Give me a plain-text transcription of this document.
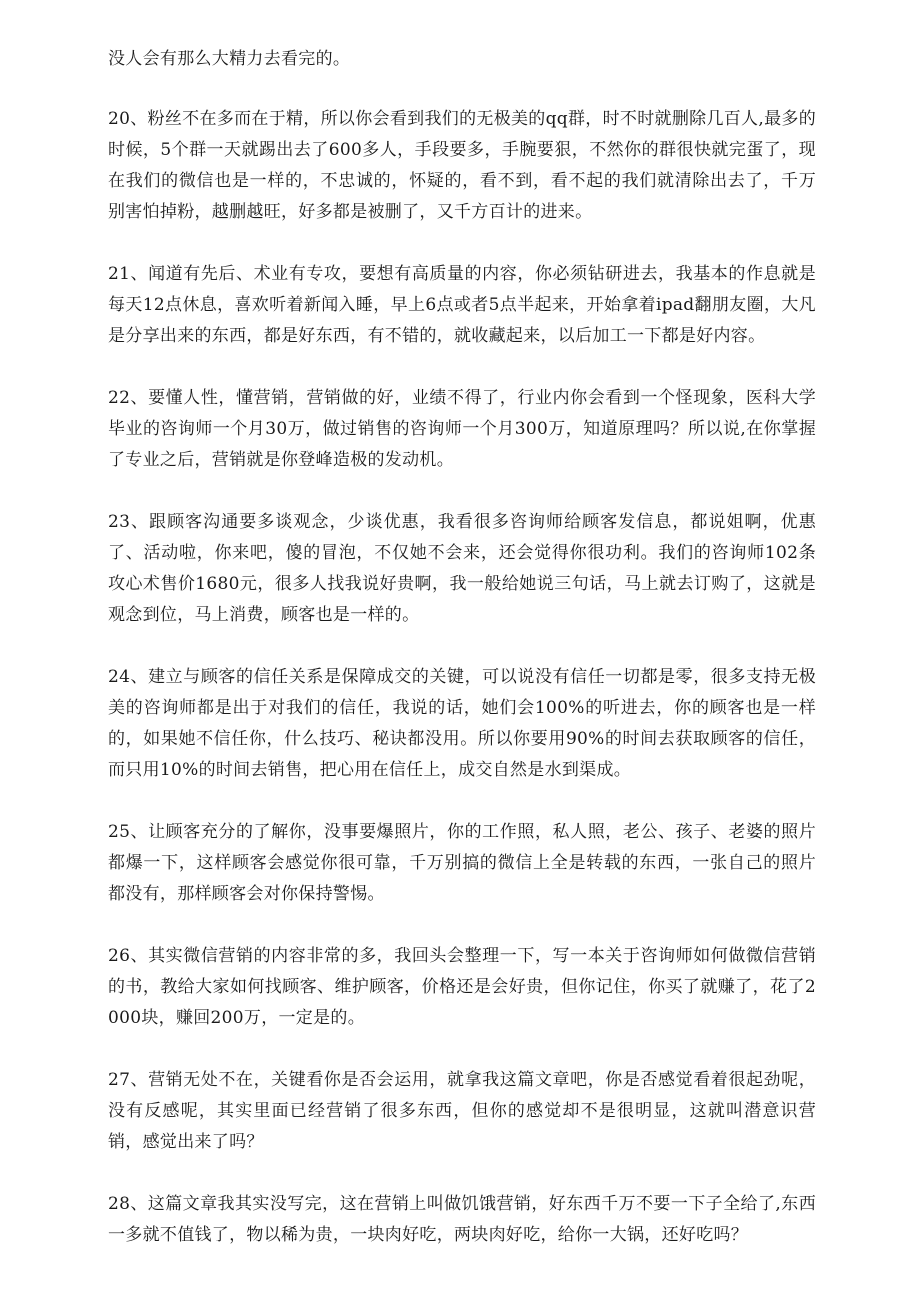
没人会有那么大精力去看完的。

20、粉丝不在多而在于精，所以你会看到我们的无极美的qq群，时不时就删除几百人,最多的时候，5个群一天就踢出去了600多人，手段要多，手腕要狠，不然你的群很快就完蛋了，现在我们的微信也是一样的，不忠诚的，怀疑的，看不到，看不起的我们就清除出去了，千万别害怕掉粉，越删越旺，好多都是被删了，又千方百计的进来。

21、闻道有先后、术业有专攻，要想有高质量的内容，你必须钻研进去，我基本的作息就是每天12点休息，喜欢听着新闻入睡，早上6点或者5点半起来，开始拿着ipad翻朋友圈，大凡是分享出来的东西，都是好东西，有不错的，就收藏起来，以后加工一下都是好内容。

22、要懂人性，懂营销，营销做的好，业绩不得了，行业内你会看到一个怪现象，医科大学毕业的咨询师一个月30万，做过销售的咨询师一个月300万，知道原理吗？所以说,在你掌握了专业之后，营销就是你登峰造极的发动机。

23、跟顾客沟通要多谈观念，少谈优惠，我看很多咨询师给顾客发信息，都说姐啊，优惠了、活动啦，你来吧，傻的冒泡，不仅她不会来，还会觉得你很功利。我们的咨询师102条攻心术售价1680元，很多人找我说好贵啊，我一般给她说三句话，马上就去订购了，这就是观念到位，马上消费，顾客也是一样的。

24、建立与顾客的信任关系是保障成交的关键，可以说没有信任一切都是零，很多支持无极美的咨询师都是出于对我们的信任，我说的话，她们会100%的听进去，你的顾客也是一样的，如果她不信任你，什么技巧、秘诀都没用。所以你要用90%的时间去获取顾客的信任，而只用10%的时间去销售，把心用在信任上，成交自然是水到渠成。

25、让顾客充分的了解你，没事要爆照片，你的工作照，私人照，老公、孩子、老婆的照片都爆一下，这样顾客会感觉你很可靠，千万别搞的微信上全是转载的东西，一张自己的照片都没有，那样顾客会对你保持警惕。

26、其实微信营销的内容非常的多，我回头会整理一下，写一本关于咨询师如何做微信营销的书，教给大家如何找顾客、维护顾客，价格还是会好贵，但你记住，你买了就赚了，花了2000块，赚回200万，一定是的。

27、营销无处不在，关键看你是否会运用，就拿我这篇文章吧，你是否感觉看着很起劲呢，没有反感呢，其实里面已经营销了很多东西，但你的感觉却不是很明显，这就叫潜意识营销，感觉出来了吗？

28、这篇文章我其实没写完，这在营销上叫做饥饿营销，好东西千万不要一下子全给了,东西一多就不值钱了，物以稀为贵，一块肉好吃，两块肉好吃，给你一大锅，还好吃吗？
